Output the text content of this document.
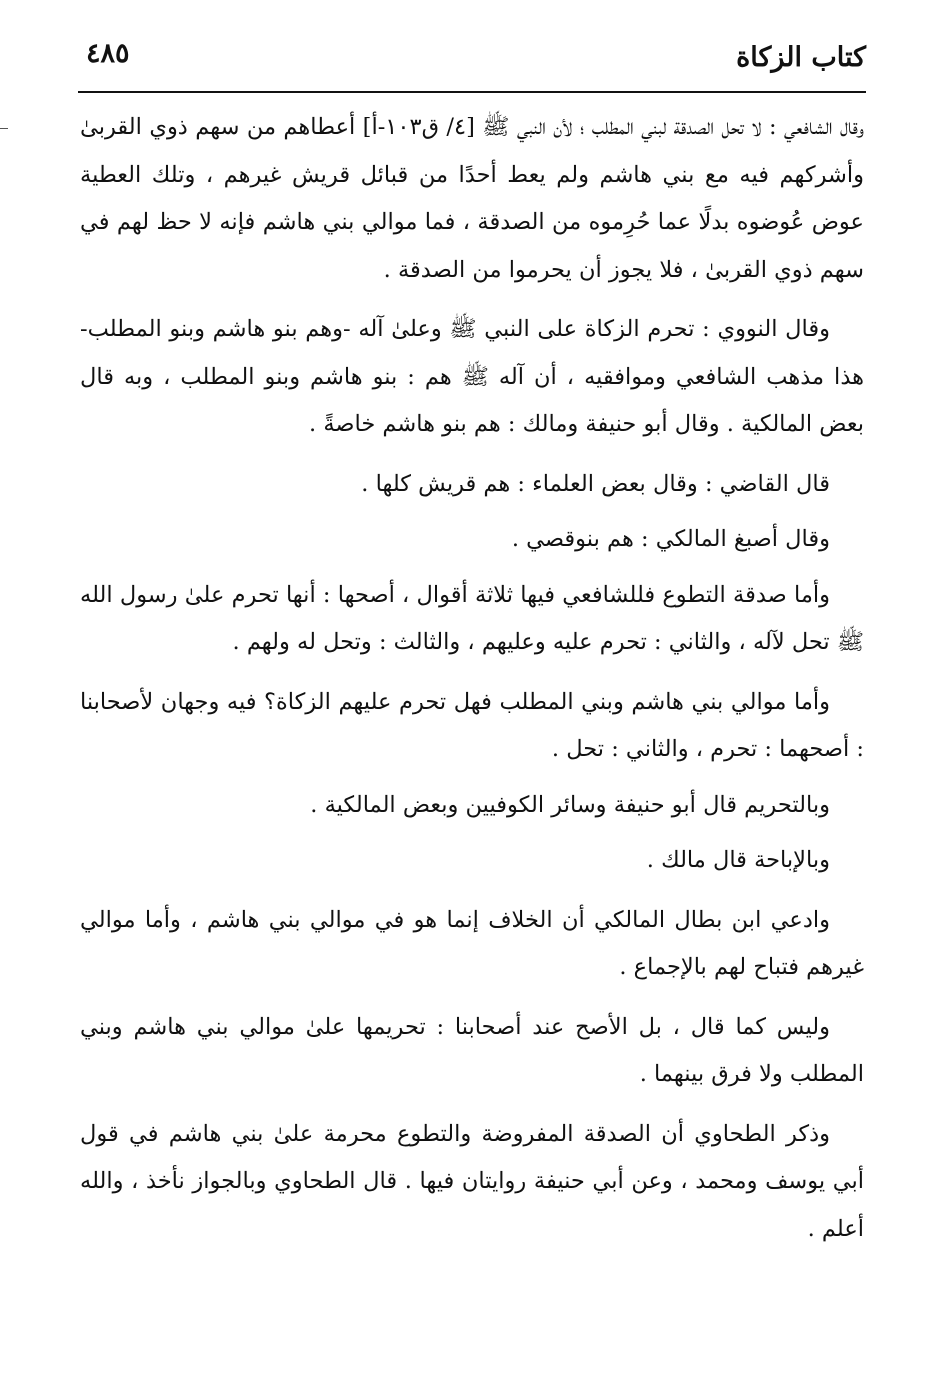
كتاب الزكاة
٤٨٥

وقال الشافعي : لا تحل الصدقة لبني المطلب ؛ لأن النبي ﷺ [٤/ ق١٠٣-أ] أعطاهم من سهم ذوي القربىٰ وأشركهم فيه مع بني هاشم ولم يعط أحدًا من قبائل قريش غيرهم ، وتلك العطية عوض عُوضوه بدلًا عما حُرِموه من الصدقة ، فما موالي بني هاشم فإنه لا حظ لهم في سهم ذوي القربىٰ ، فلا يجوز أن يحرموا من الصدقة .

وقال النووي : تحرم الزكاة على النبي ﷺ وعلىٰ آله -وهم بنو هاشم وبنو المطلب- هذا مذهب الشافعي وموافقيه ، أن آله ﷺ هم : بنو هاشم وبنو المطلب ، وبه قال بعض المالكية . وقال أبو حنيفة ومالك : هم بنو هاشم خاصةً .

قال القاضي : وقال بعض العلماء : هم قريش كلها .

وقال أصبغ المالكي : هم بنوقصي .

وأما صدقة التطوع فللشافعي فيها ثلاثة أقوال ، أصحها : أنها تحرم علىٰ رسول الله ﷺ تحل لآله ، والثاني : تحرم عليه وعليهم ، والثالث : وتحل له ولهم .

وأما موالي بني هاشم وبني المطلب فهل تحرم عليهم الزكاة؟ فيه وجهان لأصحابنا : أصحهما : تحرم ، والثاني : تحل .

وبالتحريم قال أبو حنيفة وسائر الكوفيين وبعض المالكية .

وبالإباحة قال مالك .

وادعي ابن بطال المالكي أن الخلاف إنما هو في موالي بني هاشم ، وأما موالي غيرهم فتباح لهم بالإجماع .

وليس كما قال ، بل الأصح عند أصحابنا : تحريمها علىٰ موالي بني هاشم وبني المطلب ولا فرق بينهما .

وذكر الطحاوي أن الصدقة المفروضة والتطوع محرمة علىٰ بني هاشم في قول أبي يوسف ومحمد ، وعن أبي حنيفة روايتان فيها . قال الطحاوي وبالجواز نأخذ ، والله أعلم .
